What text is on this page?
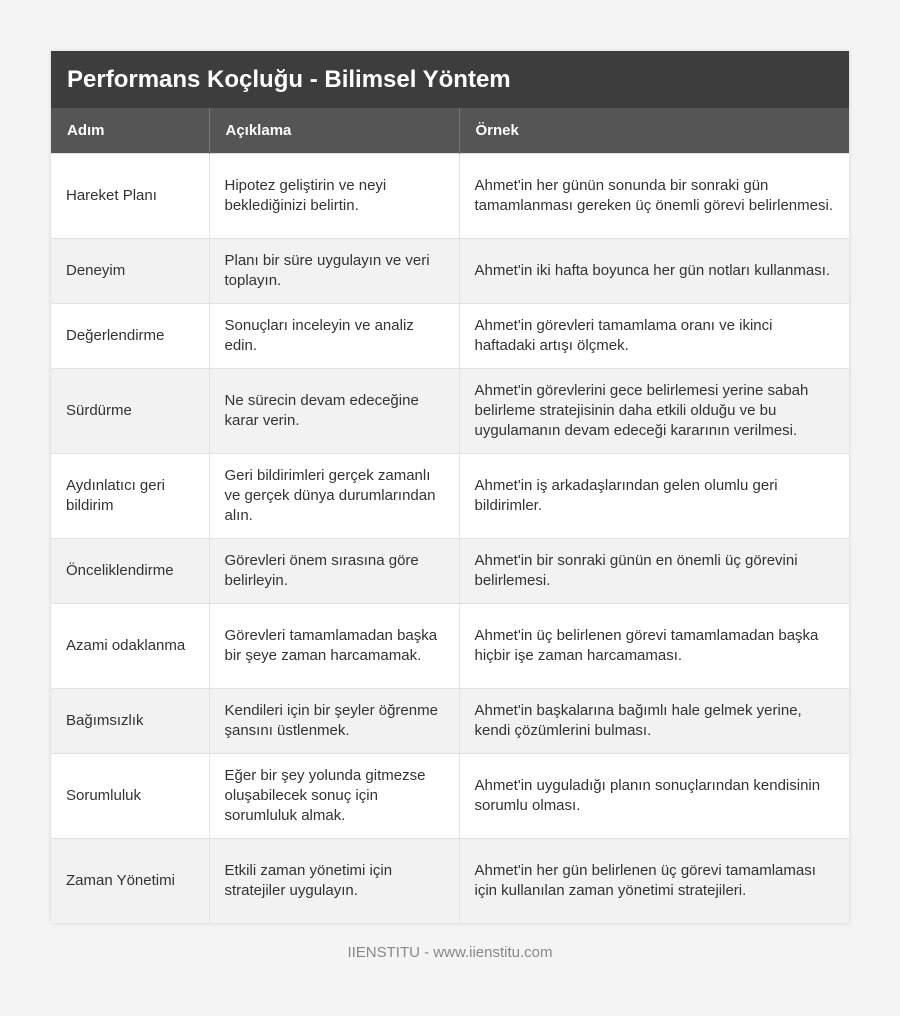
Performans Koçluğu - Bilimsel Yöntem
Adım	Açıklama	Örnek
Hareket Planı	Hipotez geliştirin ve neyi beklediğinizi belirtin.	Ahmet'in her günün sonunda bir sonraki gün tamamlanması gereken üç önemli görevi belirlenmesi.
Deneyim	Planı bir süre uygulayın ve veri toplayın.	Ahmet'in iki hafta boyunca her gün notları kullanması.
Değerlendirme	Sonuçları inceleyin ve analiz edin.	Ahmet'in görevleri tamamlama oranı ve ikinci haftadaki artışı ölçmek.
Sürdürme	Ne sürecin devam edeceğine karar verin.	Ahmet'in görevlerini gece belirlemesi yerine sabah belirleme stratejisinin daha etkili olduğu ve bu uygulamanın devam edeceği kararının verilmesi.
Aydınlatıcı geri bildirim	Geri bildirimleri gerçek zamanlı ve gerçek dünya durumlarından alın.	Ahmet'in iş arkadaşlarından gelen olumlu geri bildirimler.
Önceliklendirme	Görevleri önem sırasına göre belirleyin.	Ahmet'in bir sonraki günün en önemli üç görevini belirlemesi.
Azami odaklanma	Görevleri tamamlamadan başka bir şeye zaman harcamamak.	Ahmet'in üç belirlenen görevi tamamlamadan başka hiçbir işe zaman harcamaması.
Bağımsızlık	Kendileri için bir şeyler öğrenme şansını üstlenmek.	Ahmet'in başkalarına bağımlı hale gelmek yerine, kendi çözümlerini bulması.
Sorumluluk	Eğer bir şey yolunda gitmezse oluşabilecek sonuç için sorumluluk almak.	Ahmet'in uyguladığı planın sonuçlarından kendisinin sorumlu olması.
Zaman Yönetimi	Etkili zaman yönetimi için stratejiler uygulayın.	Ahmet'in her gün belirlenen üç görevi tamamlaması için kullanılan zaman yönetimi stratejileri.
IIENSTITU - www.iienstitu.com
